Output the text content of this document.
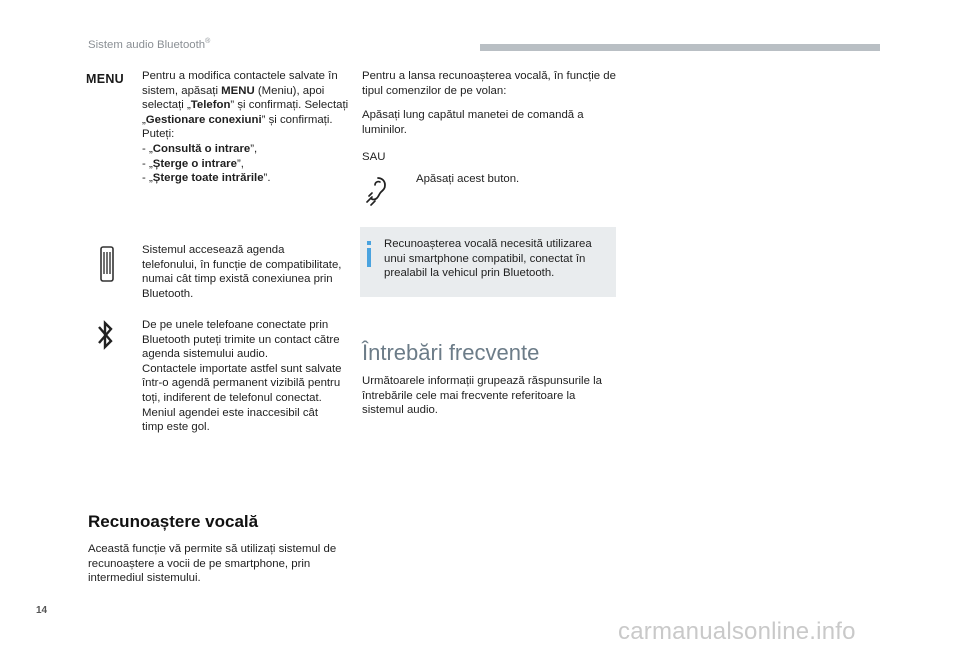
Sistem audio Bluetooth®
MENU Pentru a modifica contactele salvate în sistem, apăsați MENU (Meniu), apoi selectați „Telefon” și confirmați. Selectați „Gestionare conexiuni” și confirmați.

Puteți:

- „Consultă o intrare”,

- „Șterge o intrare”,

- „Șterge toate intrările”.

Sistemul accesează agenda telefonului, în funcție de compatibilitate, numai cât timp există conexiunea prin Bluetooth.

De pe unele telefoane conectate prin Bluetooth puteți trimite un contact către agenda sistemului audio.

Contactele importate astfel sunt salvate într-o agendă permanent vizibilă pentru toți, indiferent de telefonul conectat.

Meniul agendei este inaccesibil cât timp este gol.

Recunoaștere vocală
Această funcție vă permite să utilizați sistemul de recunoaștere a vocii de pe smartphone, prin intermediul sistemului.
Pentru a lansa recunoașterea vocală, în funcție de tipul comenzilor de pe volan:
Apăsați lung capătul manetei de comandă a luminilor.
SAU
Apăsați acest buton.
Recunoașterea vocală necesită utilizarea unui smartphone compatibil, conectat în prealabil la vehicul prin Bluetooth.
Întrebări frecvente
Următoarele informații grupează răspunsurile la întrebările cele mai frecvente referitoare la sistemul audio.
14
carmanualsonline.info
